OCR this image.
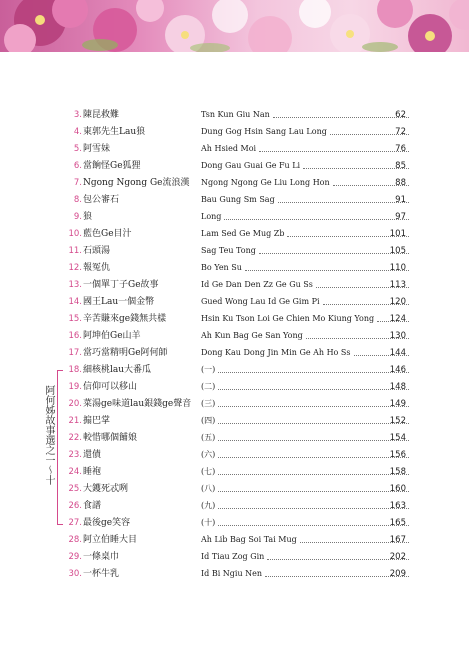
阿何姊故事選之一〜十
3. 陳昆救難	Tsn Kun Giu Nan	62
4. 東郭先生Lau狼	Dung Gog Hsin Sang Lau Long	72
5. 阿雪妹	Ah Hsied Moi	76
6. 當餉怪Ge狐狸	Dong Gau Guai Ge Fu Li	85
7. Ngong Ngong Ge流浪漢	Ngong Ngong Ge Liu Long Hon	88
8. 包公審石	Bau Gung Sm Sag	91
9. 狼	Long	97
10. 藍色Ge目汁	Lam Sed Ge Mug Zb	101
11. 石頭湯	Sag Teu Tong	105
12. 報冤仇	Bo Yen Su	110
13. 一個單丁子Ge故事	Id Ge Dan Den Zz Ge Gu Ss	113
14. 國王Lau一個金幣	Gued Wong Lau Id Ge Gim Pi	120
15. 辛苦賺來ge錢無共樣	Hsin Ku Tson Loi Ge Chien Mo Kiung Yong	124
16. 阿坤伯Ge山羊	Ah Kun Bag Ge San Yong	130
17. 當巧當精明Ge阿何師	Dong Kau Dong Jin Min Ge Ah Ho Ss	144
18. 細核桃lau大番瓜	(一)	146
19. 信仰可以移山	(二)	148
20. 菜湯ge味道lau銀錢ge聲音	(三)	149
21. 搧巴掌	(四)	152
22. 較惜哪個餔娘	(五)	154
23. 還債	(六)	156
24. 睡袍	(七)	158
25. 大鑊死忒咧	(八)	160
26. 食譜	(九)	163
27. 最後ge笑容	(十)	165
28. 阿立伯睡大目	Ah Lib Bag Soi Tai Mug	167
29. 一條桌巾	Id Tiau Zog Gin	202
30. 一杯牛乳	Id Bi Ngiu Nen	209
